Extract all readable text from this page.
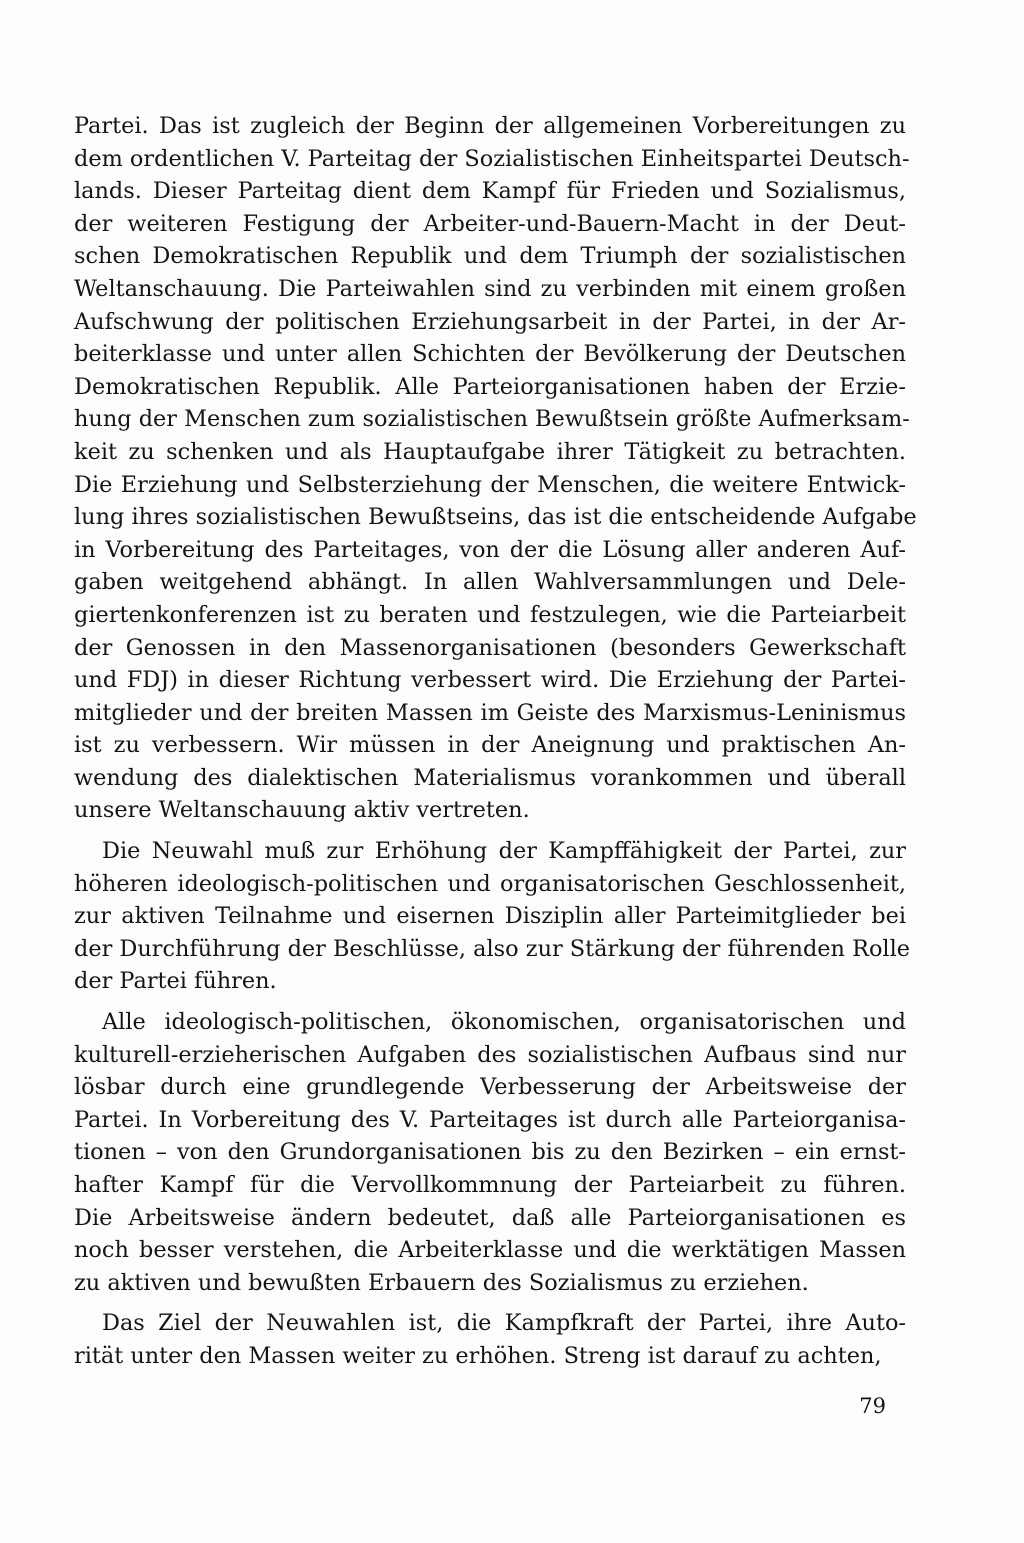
Partei. Das ist zugleich der Beginn der allgemeinen Vorbereitungen zu
dem ordentlichen V. Parteitag der Sozialistischen Einheitspartei Deutsch-
lands. Dieser Parteitag dient dem Kampf für Frieden und Sozialismus,
der weiteren Festigung der Arbeiter-und-Bauern-Macht in der Deut-
schen Demokratischen Republik und dem Triumph der sozialistischen
Weltanschauung. Die Parteiwahlen sind zu verbinden mit einem großen
Aufschwung der politischen Erziehungsarbeit in der Partei, in der Ar-
beiterklasse und unter allen Schichten der Bevölkerung der Deutschen
Demokratischen Republik. Alle Parteiorganisationen haben der Erzie-
hung der Menschen zum sozialistischen Bewußtsein größte Aufmerksam-
keit zu schenken und als Hauptaufgabe ihrer Tätigkeit zu betrachten.
Die Erziehung und Selbsterziehung der Menschen, die weitere Entwick-
lung ihres sozialistischen Bewußtseins, das ist die entscheidende Aufgabe
in Vorbereitung des Parteitages, von der die Lösung aller anderen Auf-
gaben weitgehend abhängt. In allen Wahlversammlungen und Dele-
giertenkonferenzen ist zu beraten und festzulegen, wie die Parteiarbeit
der Genossen in den Massenorganisationen (besonders Gewerkschaft
und FDJ) in dieser Richtung verbessert wird. Die Erziehung der Partei-
mitglieder und der breiten Massen im Geiste des Marxismus-Leninismus
ist zu verbessern. Wir müssen in der Aneignung und praktischen An-
wendung des dialektischen Materialismus vorankommen und überall
unsere Weltanschauung aktiv vertreten.
Die Neuwahl muß zur Erhöhung der Kampffähigkeit der Partei, zur
höheren ideologisch-politischen und organisatorischen Geschlossenheit,
zur aktiven Teilnahme und eisernen Disziplin aller Parteimitglieder bei
der Durchführung der Beschlüsse, also zur Stärkung der führenden Rolle
der Partei führen.
Alle ideologisch-politischen, ökonomischen, organisatorischen und
kulturell-erzieherischen Aufgaben des sozialistischen Aufbaus sind nur
lösbar durch eine grundlegende Verbesserung der Arbeitsweise der
Partei. In Vorbereitung des V. Parteitages ist durch alle Parteiorganisa-
tionen – von den Grundorganisationen bis zu den Bezirken – ein ernst-
hafter Kampf für die Vervollkommnung der Parteiarbeit zu führen.
Die Arbeitsweise ändern bedeutet, daß alle Parteiorganisationen es
noch besser verstehen, die Arbeiterklasse und die werktätigen Massen
zu aktiven und bewußten Erbauern des Sozialismus zu erziehen.
Das Ziel der Neuwahlen ist, die Kampfkraft der Partei, ihre Auto-
rität unter den Massen weiter zu erhöhen. Streng ist darauf zu achten,
79
